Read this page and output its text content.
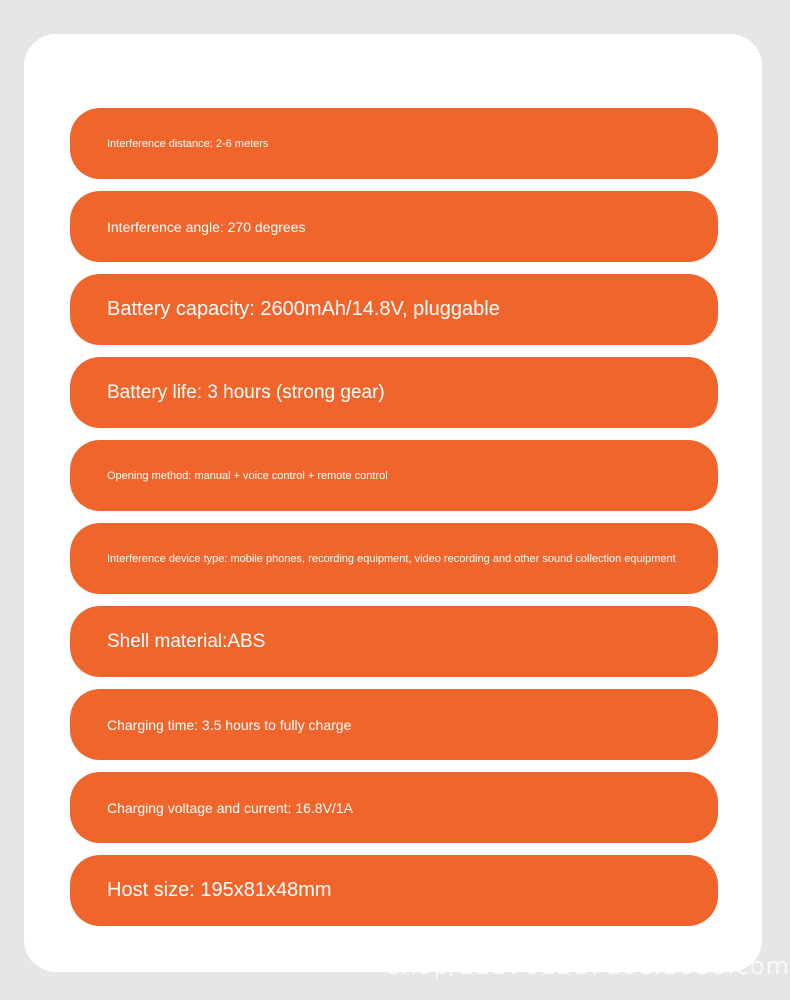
Interference distance: 2-6 meters
Interference angle: 270 degrees
Battery capacity: 2600mAh/14.8V, pluggable
Battery life: 3 hours (strong gear)
Opening method: manual + voice control + remote control
Interference device type: mobile phones, recording equipment, video recording and other sound collection equipment
Shell material:ABS
Charging time: 3.5 hours to fully charge
Charging voltage and current: 16.8V/1A
Host size: 195x81x48mm
shop/1117012d7d6e.1688.com
